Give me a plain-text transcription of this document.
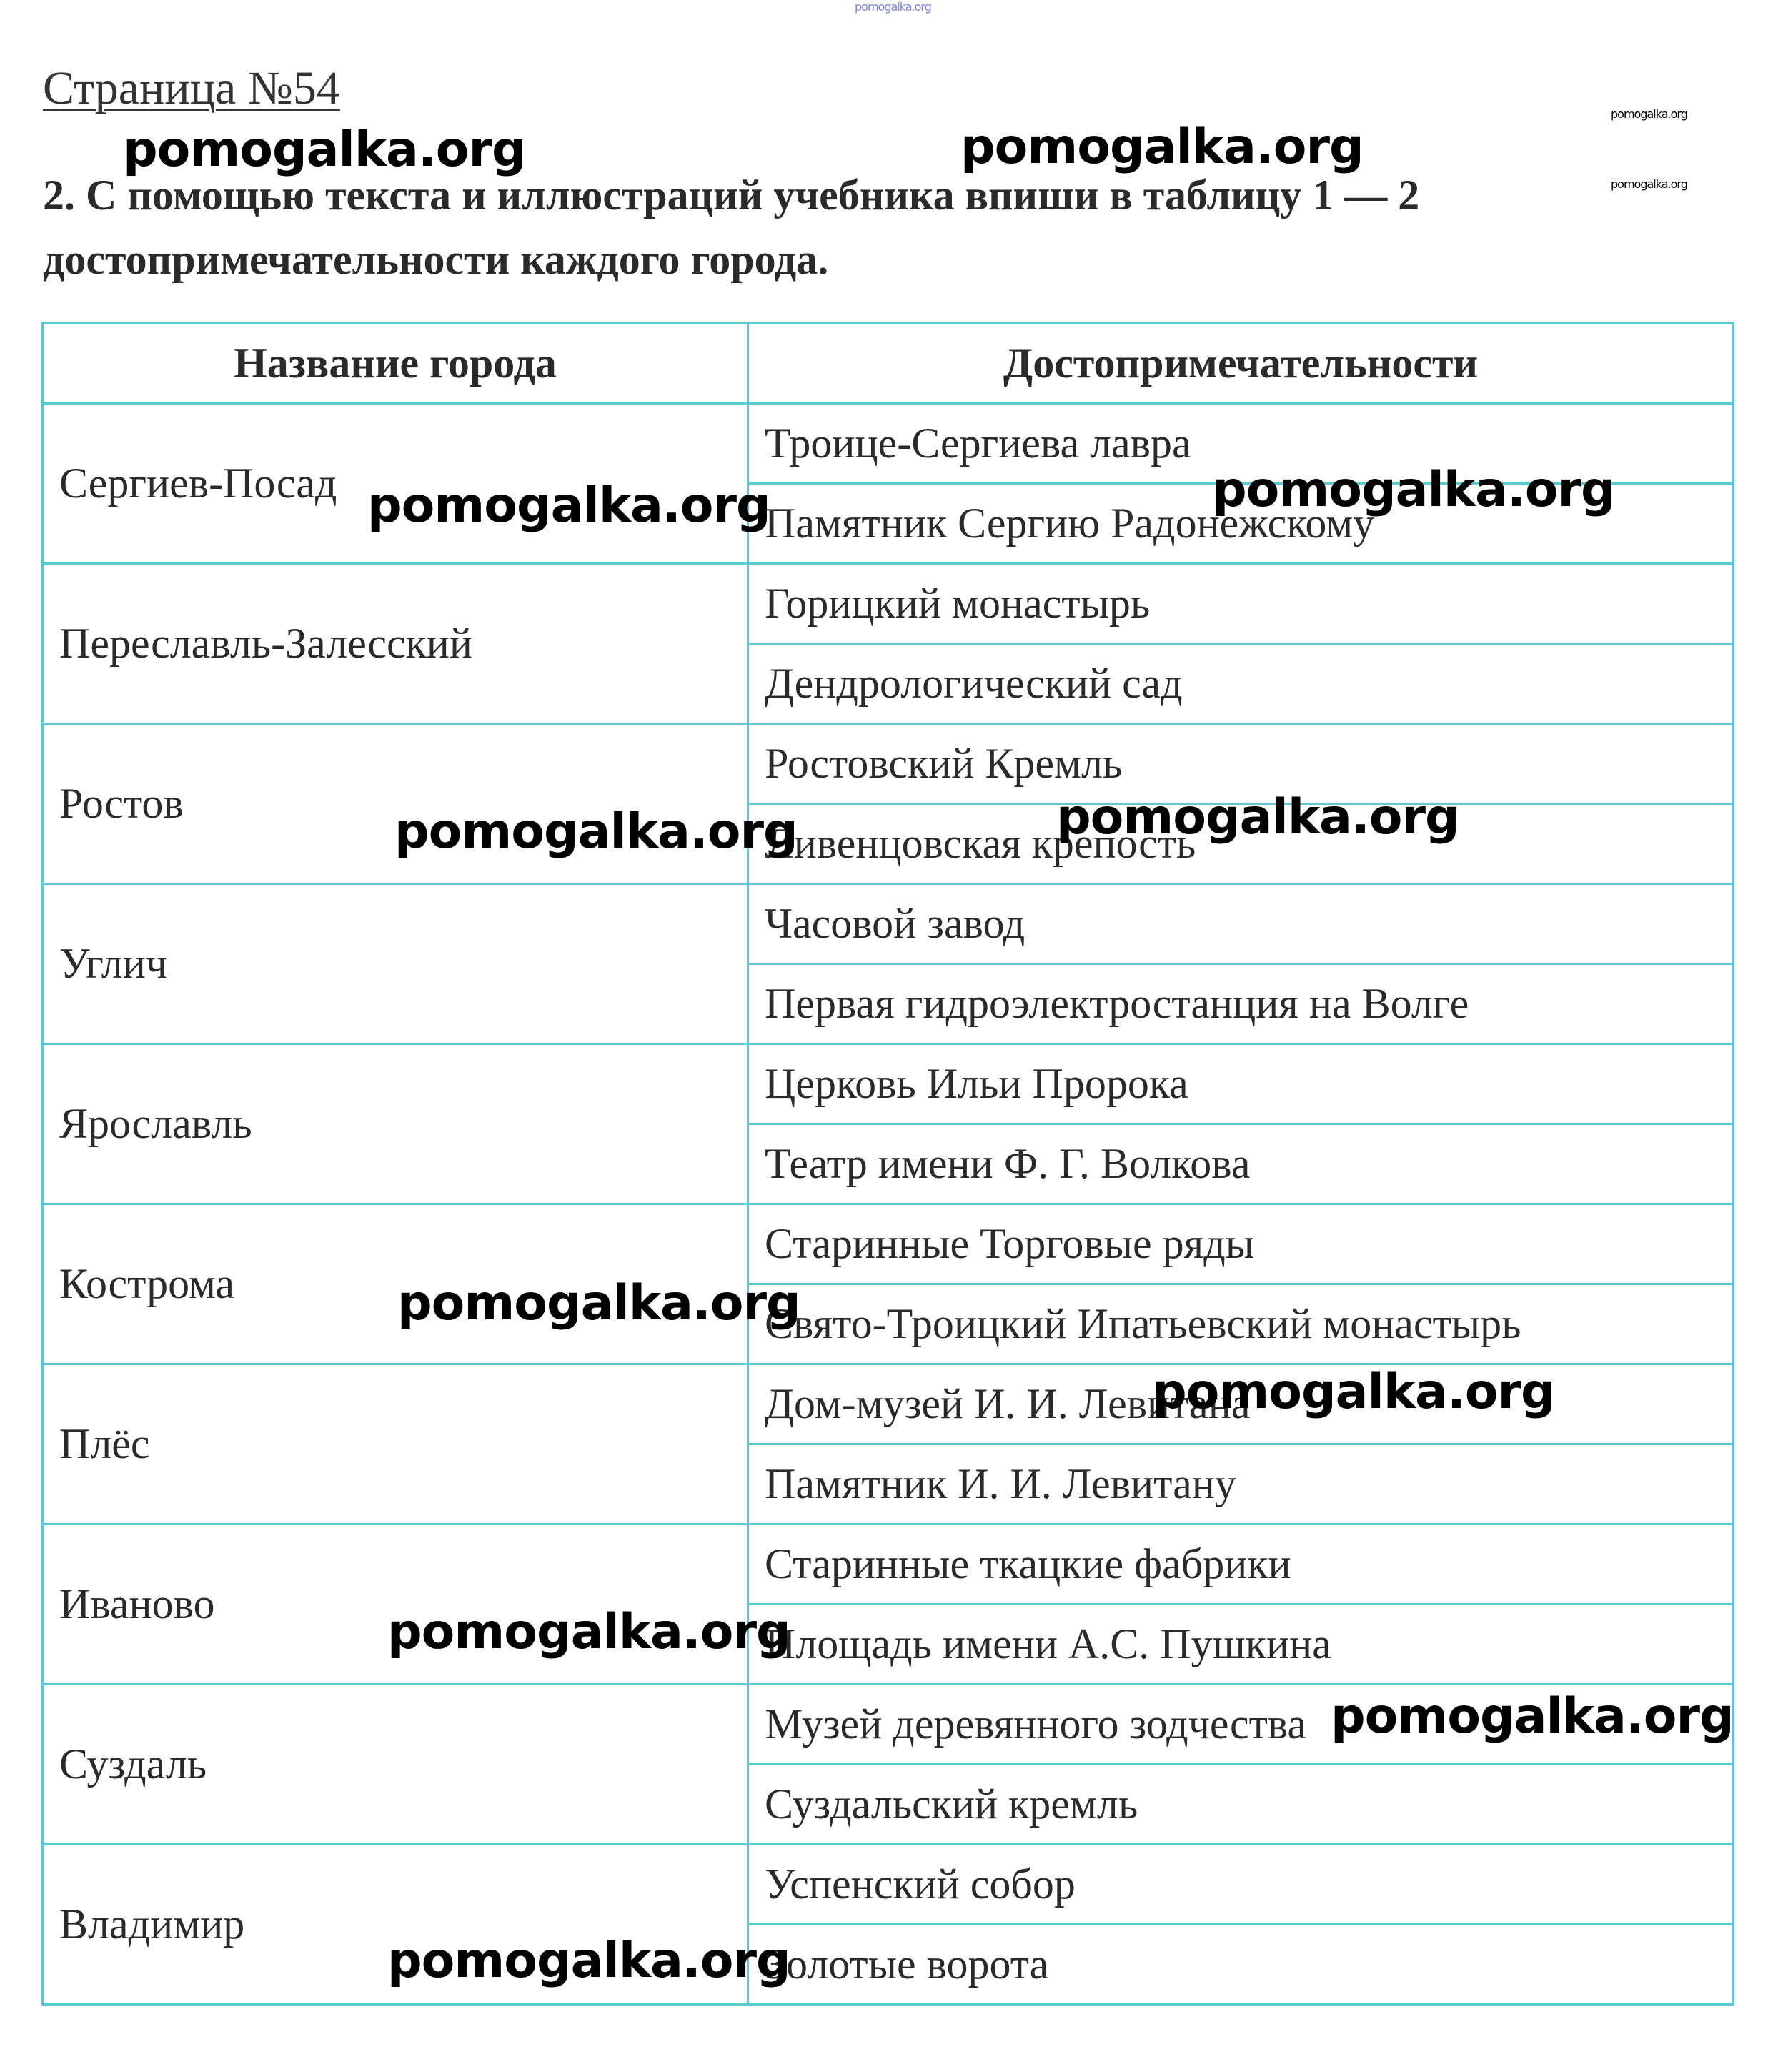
pomogalka.org
Страница №54
2. С помощью текста и иллюстраций учебника впиши в таблицу 1 — 2 достопримечательности каждого города.
Название города	Достопримечательности
Сергиев-Посад	Троице-Сергиева лавра
	Памятник Сергию Радонежскому
Переславль-Залесский	Горицкий монастырь
	Дендрологический сад
Ростов	Ростовский Кремль
	Ливенцовская крепость
Углич	Часовой завод
	Первая гидроэлектростанция на Волге
Ярославль	Церковь Ильи Пророка
	Театр имени Ф. Г. Волкова
Кострома	Старинные Торговые ряды
	Свято-Троицкий Ипатьевский монастырь
Плёс	Дом-музей И. И. Левитана
	Памятник И. И. Левитану
Иваново	Старинные ткацкие фабрики
	Площадь имени А.С. Пушкина
Суздаль	Музей деревянного зодчества
	Суздальский кремль
Владимир	Успенский собор
	Золотые ворота
pomogalka.org
pomogalka.org
pomogalka.org	pomogalka.org
pomogalka.org	pomogalka.org
pomogalka.org	pomogalka.org
pomogalka.org
pomogalka.org
pomogalka.org
pomogalka.org
pomogalka.org
